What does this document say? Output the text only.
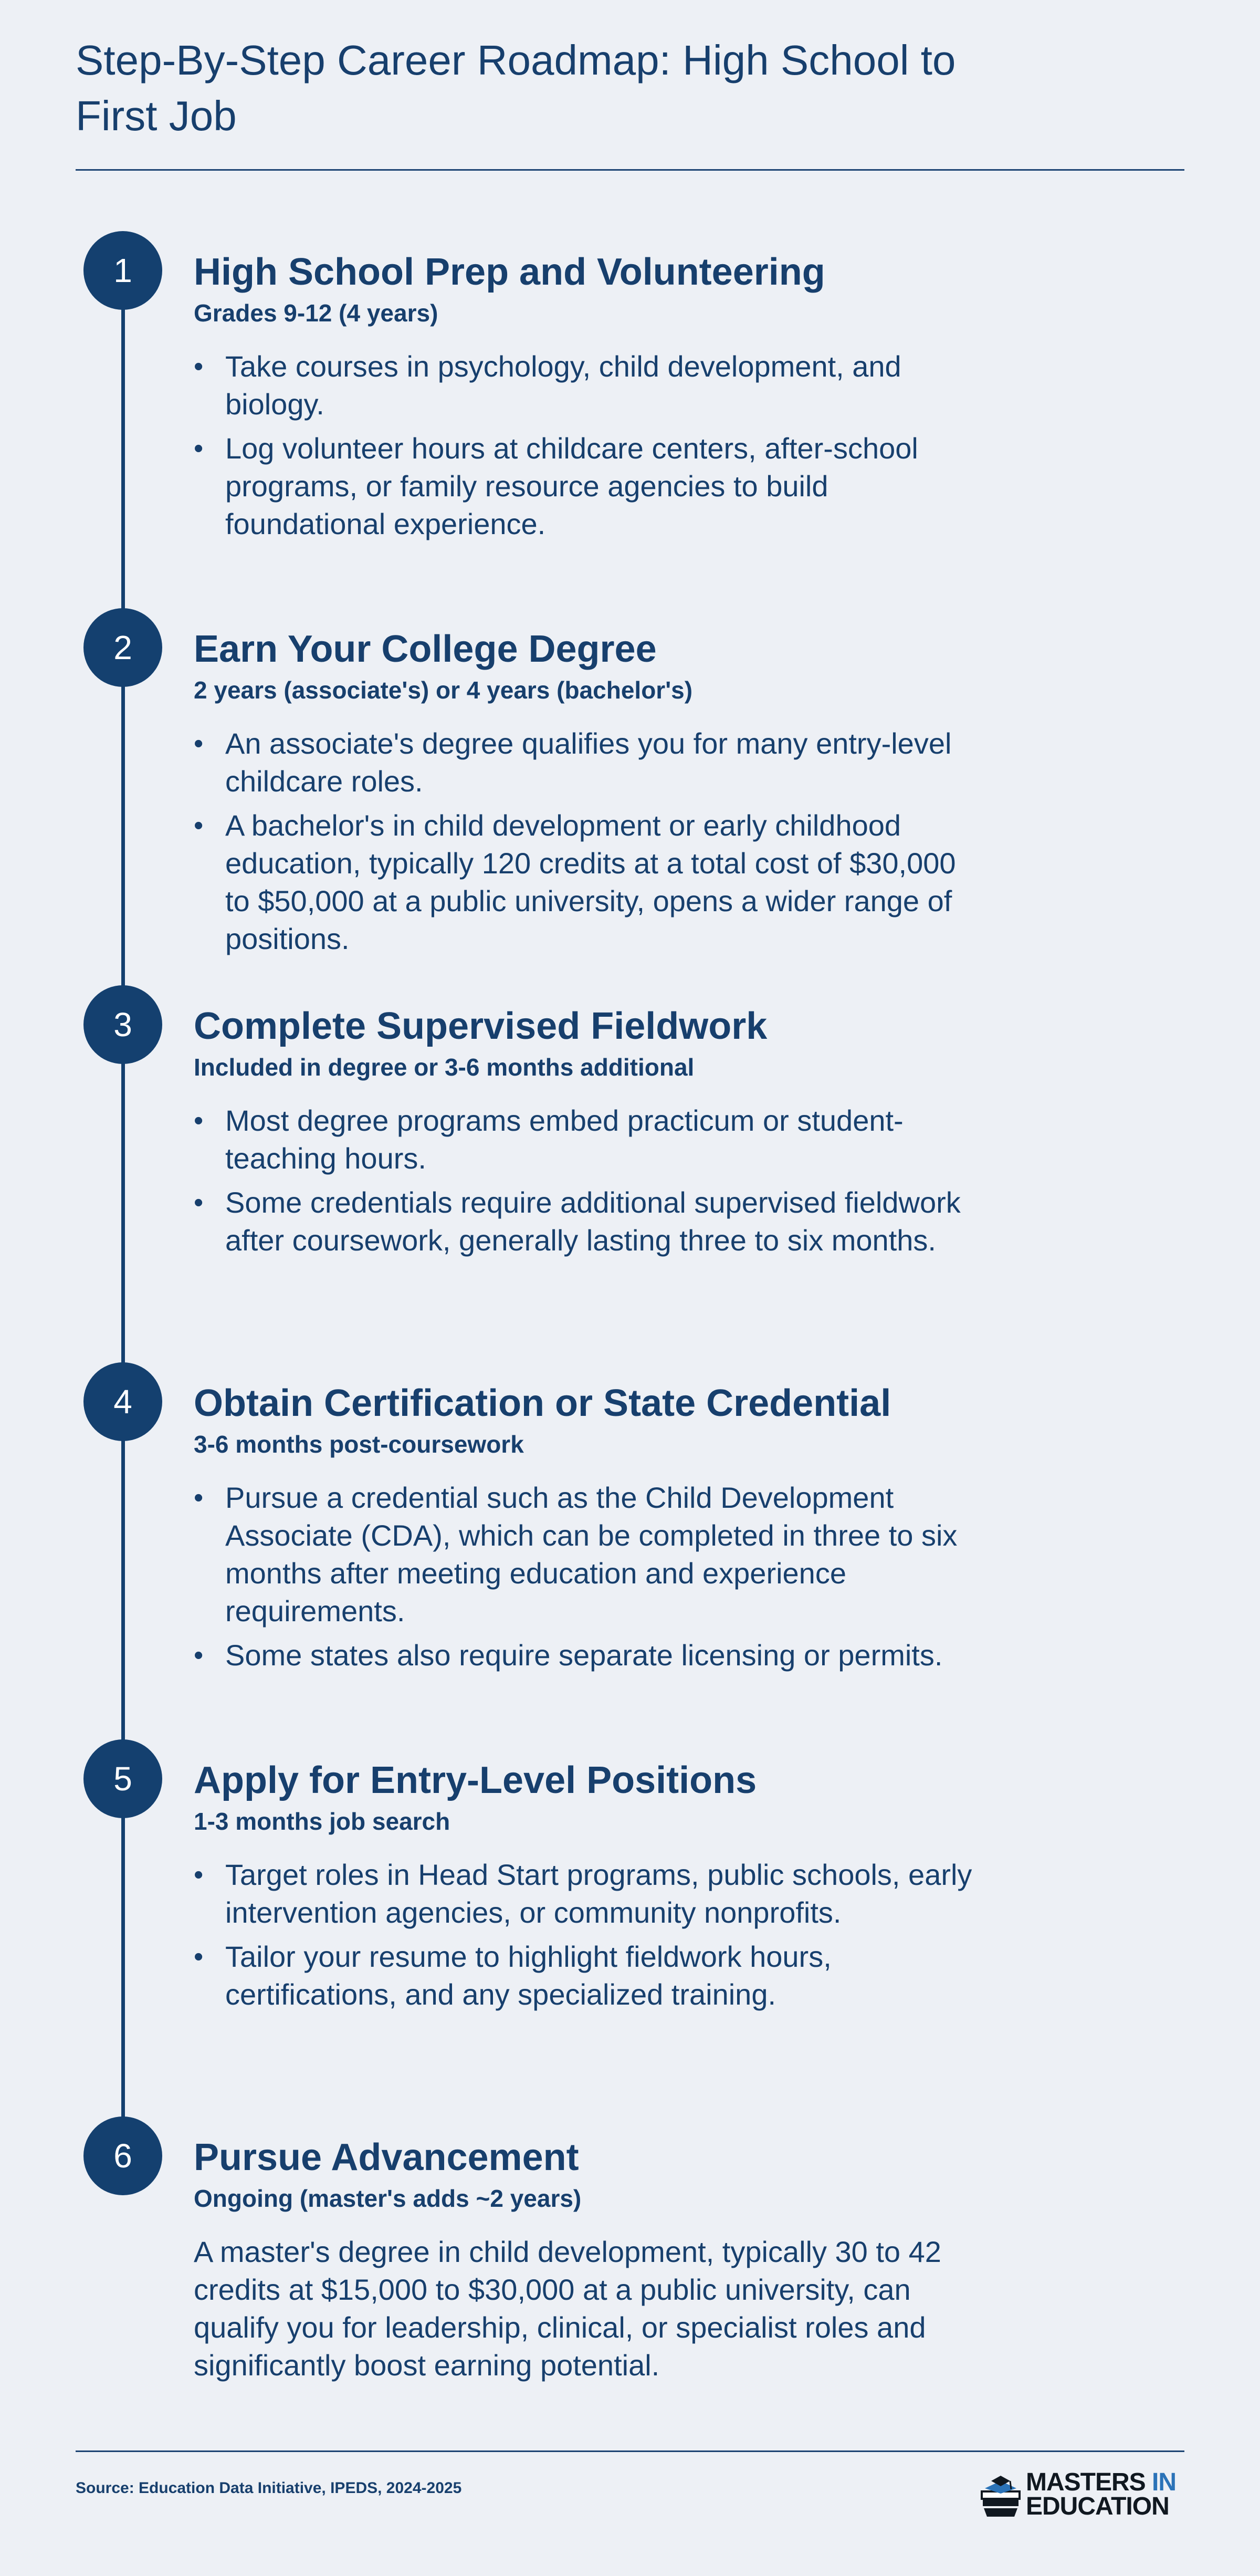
Step-By-Step Career Roadmap: High School to First Job
1	High School Prep and Volunteering

Grades 9-12 (4 years)

• Take courses in psychology, child development, and biology.
• Log volunteer hours at childcare centers, after-school programs, or family resource agencies to build foundational experience.
2	Earn Your College Degree

2 years (associate's) or 4 years (bachelor's)

• An associate's degree qualifies you for many entry-level childcare roles.
• A bachelor's in child development or early childhood education, typically 120 credits at a total cost of $30,000 to $50,000 at a public university, opens a wider range of positions.
3	Complete Supervised Fieldwork

Included in degree or 3-6 months additional

• Most degree programs embed practicum or student-teaching hours.
• Some credentials require additional supervised fieldwork after coursework, generally lasting three to six months.
4	Obtain Certification or State Credential

3-6 months post-coursework

• Pursue a credential such as the Child Development Associate (CDA), which can be completed in three to six months after meeting education and experience requirements.
• Some states also require separate licensing or permits.
5	Apply for Entry-Level Positions

1-3 months job search

• Target roles in Head Start programs, public schools, early intervention agencies, or community nonprofits.
• Tailor your resume to highlight fieldwork hours, certifications, and any specialized training.
6	Pursue Advancement

Ongoing (master's adds ~2 years)

A master's degree in child development, typically 30 to 42 credits at $15,000 to $30,000 at a public university, can qualify you for leadership, clinical, or specialist roles and significantly boost earning potential.

Source: Education Data Initiative, IPEDS, 2024-2025	MASTERS IN
EDUCATION
